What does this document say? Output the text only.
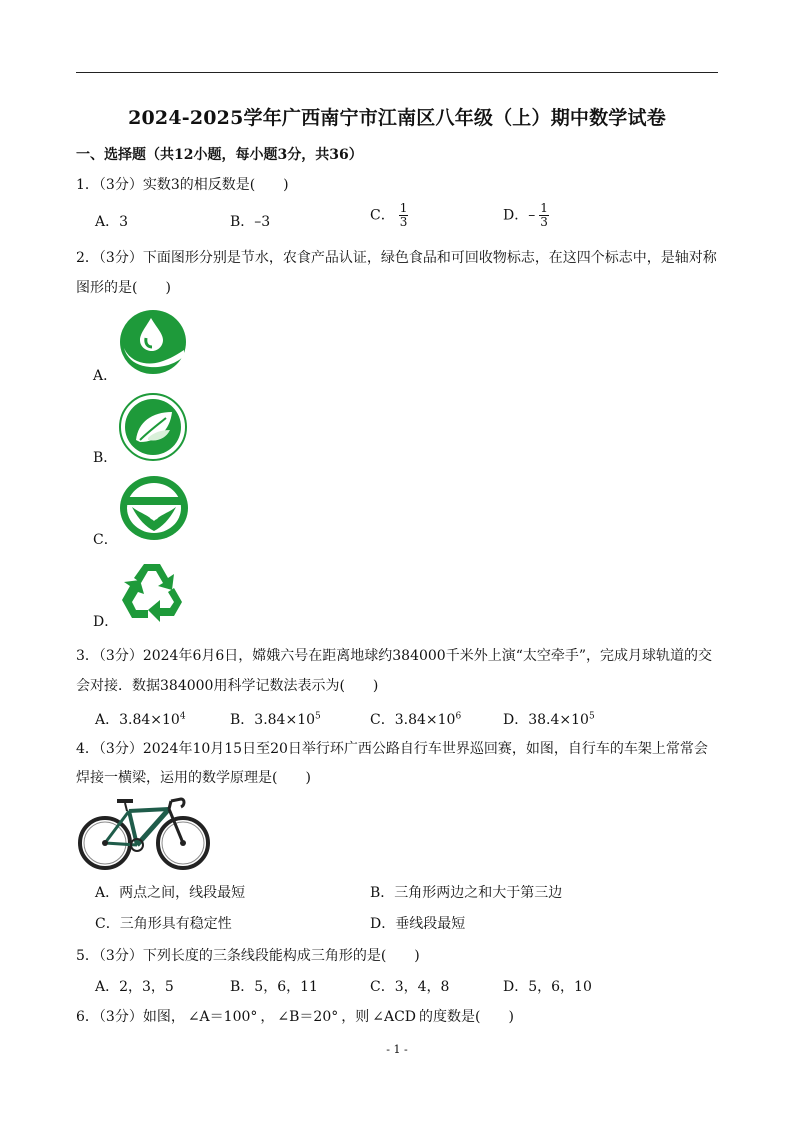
2024-2025学年广西南宁市江南区八年级（上）期中数学试卷
一、选择题（共12小题，每小题3分，共36）
1．（3分）实数3的相反数是(　　)
A．3	B．–3	C． $\frac{1}{3}$	D．– $\frac{1}{3}$
2．（3分）下面图形分别是节水，农食产品认证，绿色食品和可回收物标志，在这四个标志中，是轴对称
图形的是(　　)
A．
B．
C．
D．
3．（3分）2024年6月6日，嫦娥六号在距离地球约384000千米外上演“太空牵手”，完成月球轨道的交
会对接．数据384000用科学记数法表示为(　　)
A．$3.84\times 10^4$	B．$3.84\times 10^5$	C．$3.84\times 10^6$	D．$38.4\times 10^5$
4．（3分）2024年10月15日至20日举行环广西公路自行车世界巡回赛，如图，自行车的车架上常常会
焊接一横梁，运用的数学原理是(　　)
A．两点之间，线段最短	B．三角形两边之和大于第三边
C．三角形具有稳定性	D．垂线段最短
5．（3分）下列长度的三条线段能构成三角形的是(　　)
A．2，3，5	B．5，6，11	C．3，4，8	D．5，6，10
6．（3分）如图， ∠A＝100° ， ∠B＝20° ，则 ∠ACD 的度数是(　　)
- 1 -
